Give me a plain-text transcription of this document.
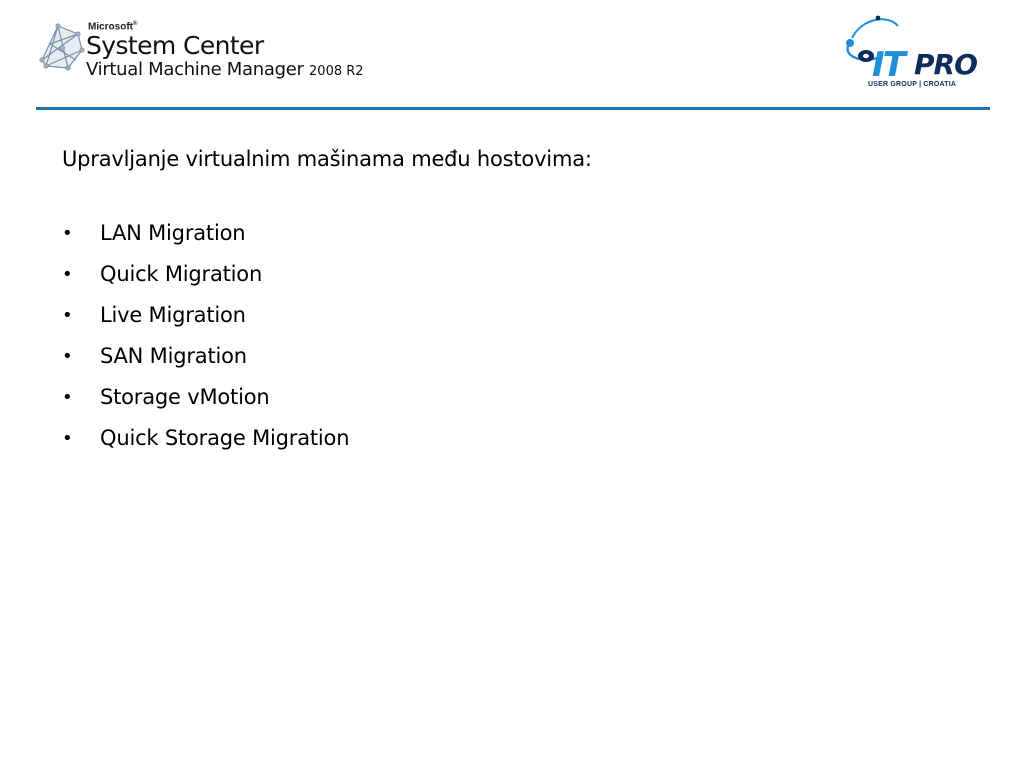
Microsoft®
System Center
Virtual Machine Manager 2008 R2	IT PRO
USER GROUP | CROATIA

Upravljanje virtualnim mašinama među hostovima:

• LAN Migration
• Quick Migration
• Live Migration
• SAN Migration
• Storage vMotion
• Quick Storage Migration
